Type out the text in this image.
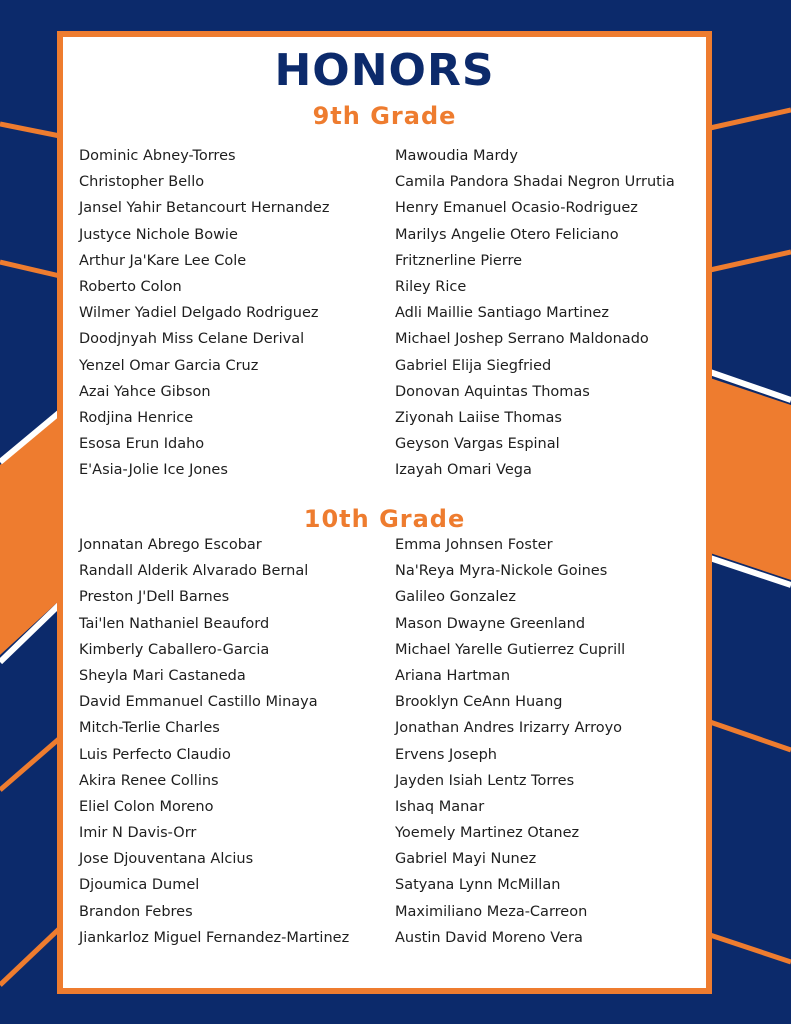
HONORS
9th Grade
Dominic Abney-Torres
Christopher Bello
Jansel Yahir Betancourt Hernandez
Justyce Nichole Bowie
Arthur Ja'Kare Lee Cole
Roberto Colon
Wilmer Yadiel Delgado Rodriguez
Doodjnyah Miss Celane Derival
Yenzel Omar Garcia Cruz
Azai Yahce Gibson
Rodjina Henrice
Esosa Erun Idaho
E'Asia-Jolie Ice Jones
Mawoudia Mardy
Camila Pandora Shadai Negron Urrutia
Henry Emanuel Ocasio-Rodriguez
Marilys Angelie Otero Feliciano
Fritznerline Pierre
Riley Rice
Adli Maillie Santiago Martinez
Michael Joshep Serrano Maldonado
Gabriel Elija Siegfried
Donovan Aquintas Thomas
Ziyonah Laiise Thomas
Geyson Vargas Espinal
Izayah Omari Vega
10th Grade
Jonnatan Abrego Escobar
Randall Alderik Alvarado Bernal
Preston J'Dell Barnes
Tai'len Nathaniel Beauford
Kimberly Caballero-Garcia
Sheyla Mari Castaneda
David Emmanuel Castillo Minaya
Mitch-Terlie Charles
Luis Perfecto Claudio
Akira Renee Collins
Eliel Colon Moreno
Imir N Davis-Orr
Jose Djouventana Alcius
Djoumica Dumel
Brandon Febres
Jiankarloz Miguel Fernandez-Martinez
Emma Johnsen Foster
Na'Reya Myra-Nickole Goines
Galileo Gonzalez
Mason Dwayne Greenland
Michael Yarelle Gutierrez Cuprill
Ariana Hartman
Brooklyn CeAnn Huang
Jonathan Andres Irizarry Arroyo
Ervens Joseph
Jayden Isiah Lentz Torres
Ishaq Manar
Yoemely Martinez Otanez
Gabriel Mayi Nunez
Satyana Lynn McMillan
Maximiliano Meza-Carreon
Austin David Moreno Vera
